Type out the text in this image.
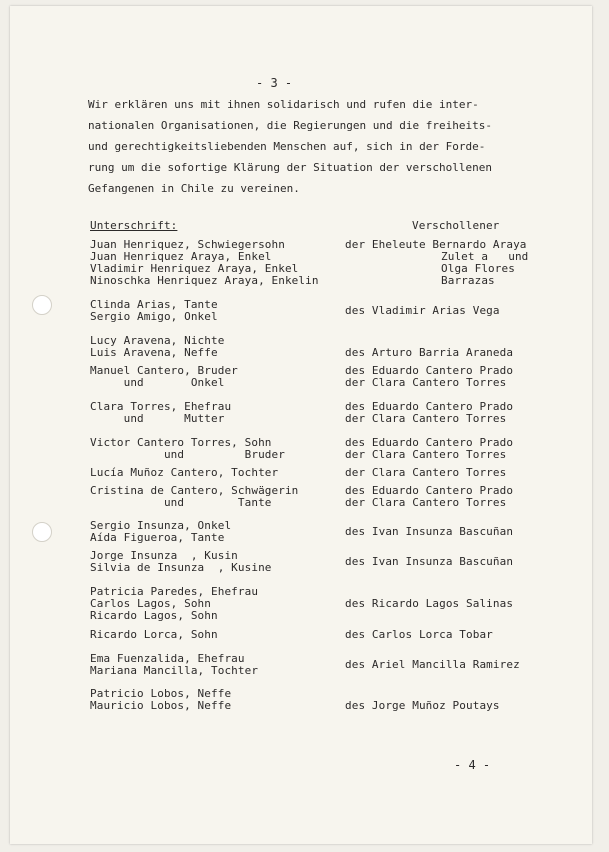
- 3 -
Wir erklären uns mit ihnen solidarisch und rufen die inter-
nationalen Organisationen, die Regierungen und die freiheits-
und gerechtigkeitsliebenden Menschen auf, sich in der Forde-
rung um die sofortige Klärung der Situation der verschollenen
Gefangenen in Chile zu vereinen.
Unterschrift:	Verschollener
Juan Henriquez, Schwiegersohn
Juan Henriquez Araya, Enkel
Vladimir Henriquez Araya, Enkel
Ninoschka Henriquez Araya, Enkelin
Clinda Arias, Tante
Sergio Amigo, Onkel
Lucy Aravena, Nichte
Luis Aravena, Neffe
Manuel Cantero, Bruder
und       Onkel
Clara Torres, Ehefrau
und      Mutter
Victor Cantero Torres, Sohn
und         Bruder
Lucía Muñoz Cantero, Tochter
Cristina de Cantero, Schwägerin
und        Tante
Sergio Insunza, Onkel
Aída Figueroa, Tante
Jorge Insunza  , Kusin
Silvia de Insunza  , Kusine
Patricia Paredes, Ehefrau
Carlos Lagos, Sohn
Ricardo Lagos, Sohn
Ricardo Lorca, Sohn
Ema Fuenzalida, Ehefrau
Mariana Mancilla, Tochter
Patricio Lobos, Neffe
Mauricio Lobos, Neffe
der Eheleute Bernardo Araya
Zulet a   und
Olga Flores
Barrazas
des Vladimir Arias Vega
des Arturo Barria Araneda
des Eduardo Cantero Prado
der Clara Cantero Torres
des Eduardo Cantero Prado
der Clara Cantero Torres
des Eduardo Cantero Prado
der Clara Cantero Torres
der Clara Cantero Torres
des Eduardo Cantero Prado
der Clara Cantero Torres
des Ivan Insunza Bascuñan
des Ivan Insunza Bascuñan
des Ricardo Lagos Salinas
des Carlos Lorca Tobar
des Ariel Mancilla Ramirez
des Jorge Muñoz Poutays
- 4 -
